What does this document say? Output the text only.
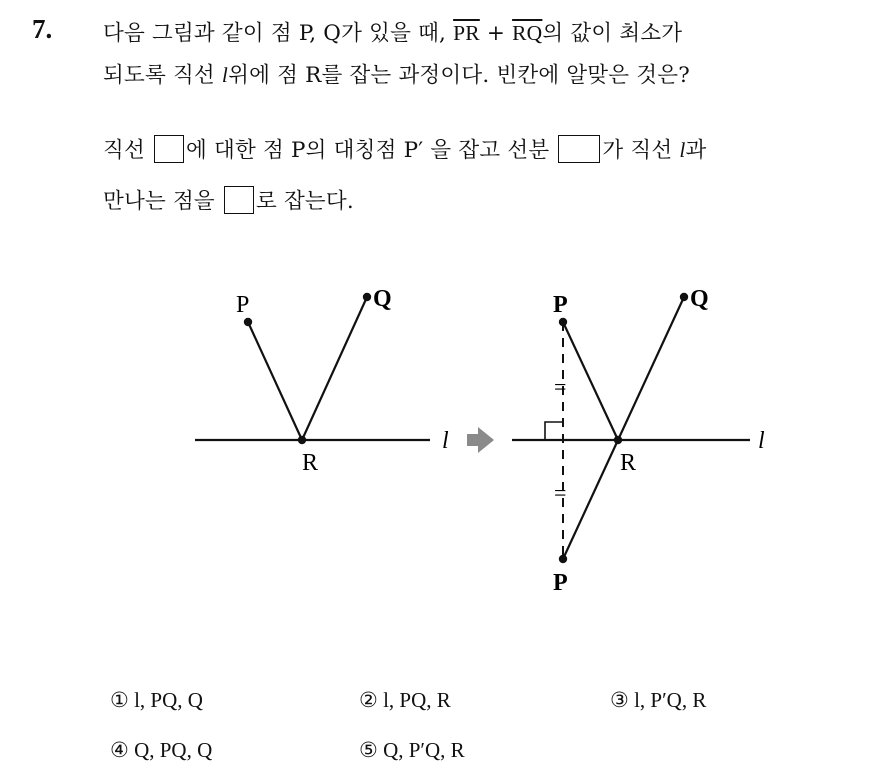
7. 다음 그림과 같이 점 P, Q가 있을 때, $\overline{PR} + \overline{RQ}$의 값이 최소가
되도록 직선 l위에 점 R를 잡는 과정이다. 빈칸에 알맞은 것은?
직선 에 대한 점 P의 대칭점 P′ 을 잡고 선분 가 직선 l과
만나는 점을 로 잡는다.
P	Q
R
l
=
=
P	Q
R
l
P
① l, PQ, Q	② l, PQ, R	③ l, P′Q, R
④ Q, PQ, Q	⑤ Q, P′Q, R
